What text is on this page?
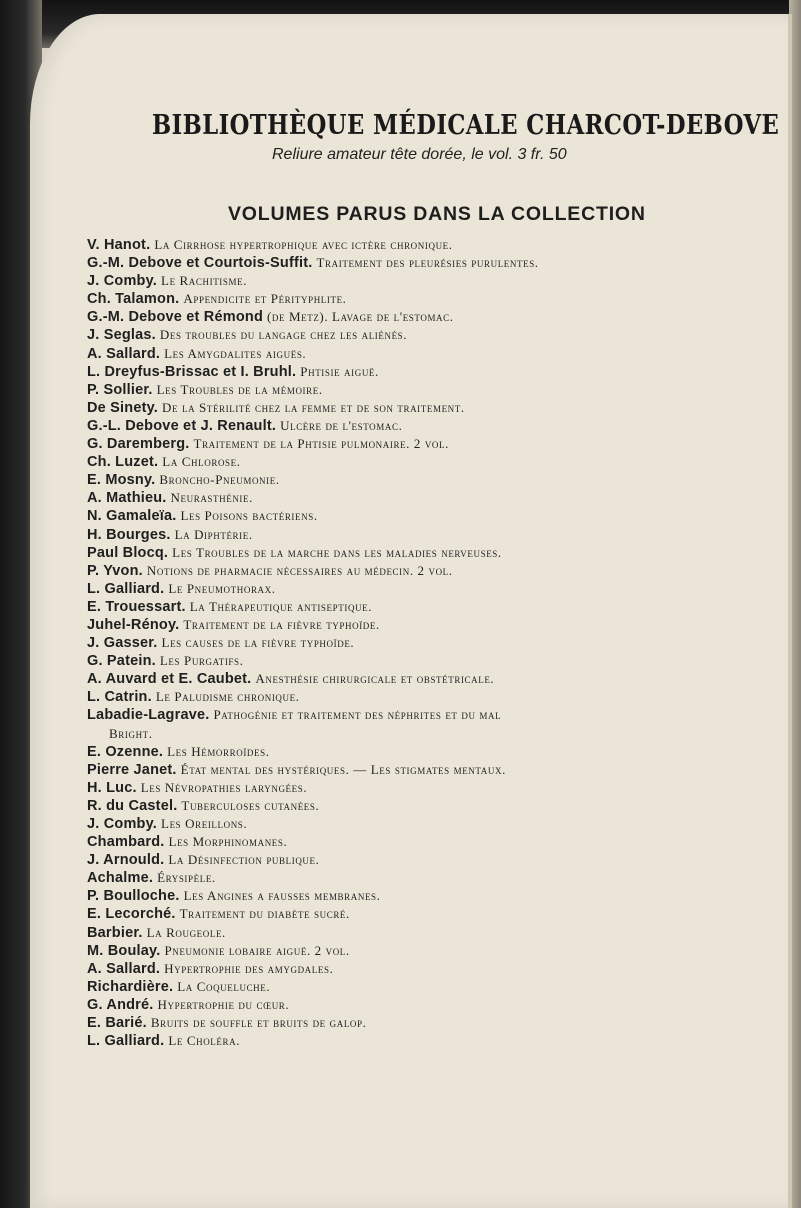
BIBLIOTHÈQUE MÉDICALE CHARCOT-DEBOVE

Reliure amateur tête dorée, le vol. 3 fr. 50

VOLUMES PARUS DANS LA COLLECTION
V. Hanot. La Cirrhose hypertrophique avec ictère chronique.
G.-M. Debove et Courtois-Suffit. Traitement des pleurésies purulentes.
J. Comby. Le Rachitisme.
Ch. Talamon. Appendicite et Pérityphlite.
G.-M. Debove et Rémond (de Metz). Lavage de l'estomac.
J. Seglas. Des troubles du langage chez les aliénés.
A. Sallard. Les Amygdalites aiguës.
L. Dreyfus-Brissac et I. Bruhl. Phtisie aiguë.
P. Sollier. Les Troubles de la mémoire.
De Sinety. De la Stérilité chez la femme et de son traitement.
G.-L. Debove et J. Renault. Ulcère de l'estomac.
G. Daremberg. Traitement de la Phtisie pulmonaire. 2 vol.
Ch. Luzet. La Chlorose.
E. Mosny. Broncho-Pneumonie.
A. Mathieu. Neurasthénie.
N. Gamaleïa. Les Poisons bactériens.
H. Bourges. La Diphtérie.
Paul Blocq. Les Troubles de la marche dans les maladies nerveuses.
P. Yvon. Notions de pharmacie nécessaires au médecin. 2 vol.
L. Galliard. Le Pneumothorax.
E. Trouessart. La Thérapeutique antiseptique.
Juhel-Rénoy. Traitement de la fièvre typhoïde.
J. Gasser. Les causes de la fièvre typhoïde.
G. Patein. Les Purgatifs.
A. Auvard et E. Caubet. Anesthésie chirurgicale et obstétricale.
L. Catrin. Le Paludisme chronique.
Labadie-Lagrave. Pathogénie et traitement des néphrites et du mal
Bright.
E. Ozenne. Les Hémorroïdes.
Pierre Janet. État mental des hystériques. — Les stigmates mentaux.
H. Luc. Les Névropathies laryngées.
R. du Castel. Tuberculoses cutanées.
J. Comby. Les Oreillons.
Chambard. Les Morphinomanes.
J. Arnould. La Désinfection publique.
Achalme. Érysipèle.
P. Boulloche. Les Angines a fausses membranes.
E. Lecorché. Traitement du diabète sucré.
Barbier. La Rougeole.
M. Boulay. Pneumonie lobaire aiguë. 2 vol.
A. Sallard. Hypertrophie des amygdales.
Richardière. La Coqueluche.
G. André. Hypertrophie du cœur.
E. Barié. Bruits de souffle et bruits de galop.
L. Galliard. Le Choléra.
